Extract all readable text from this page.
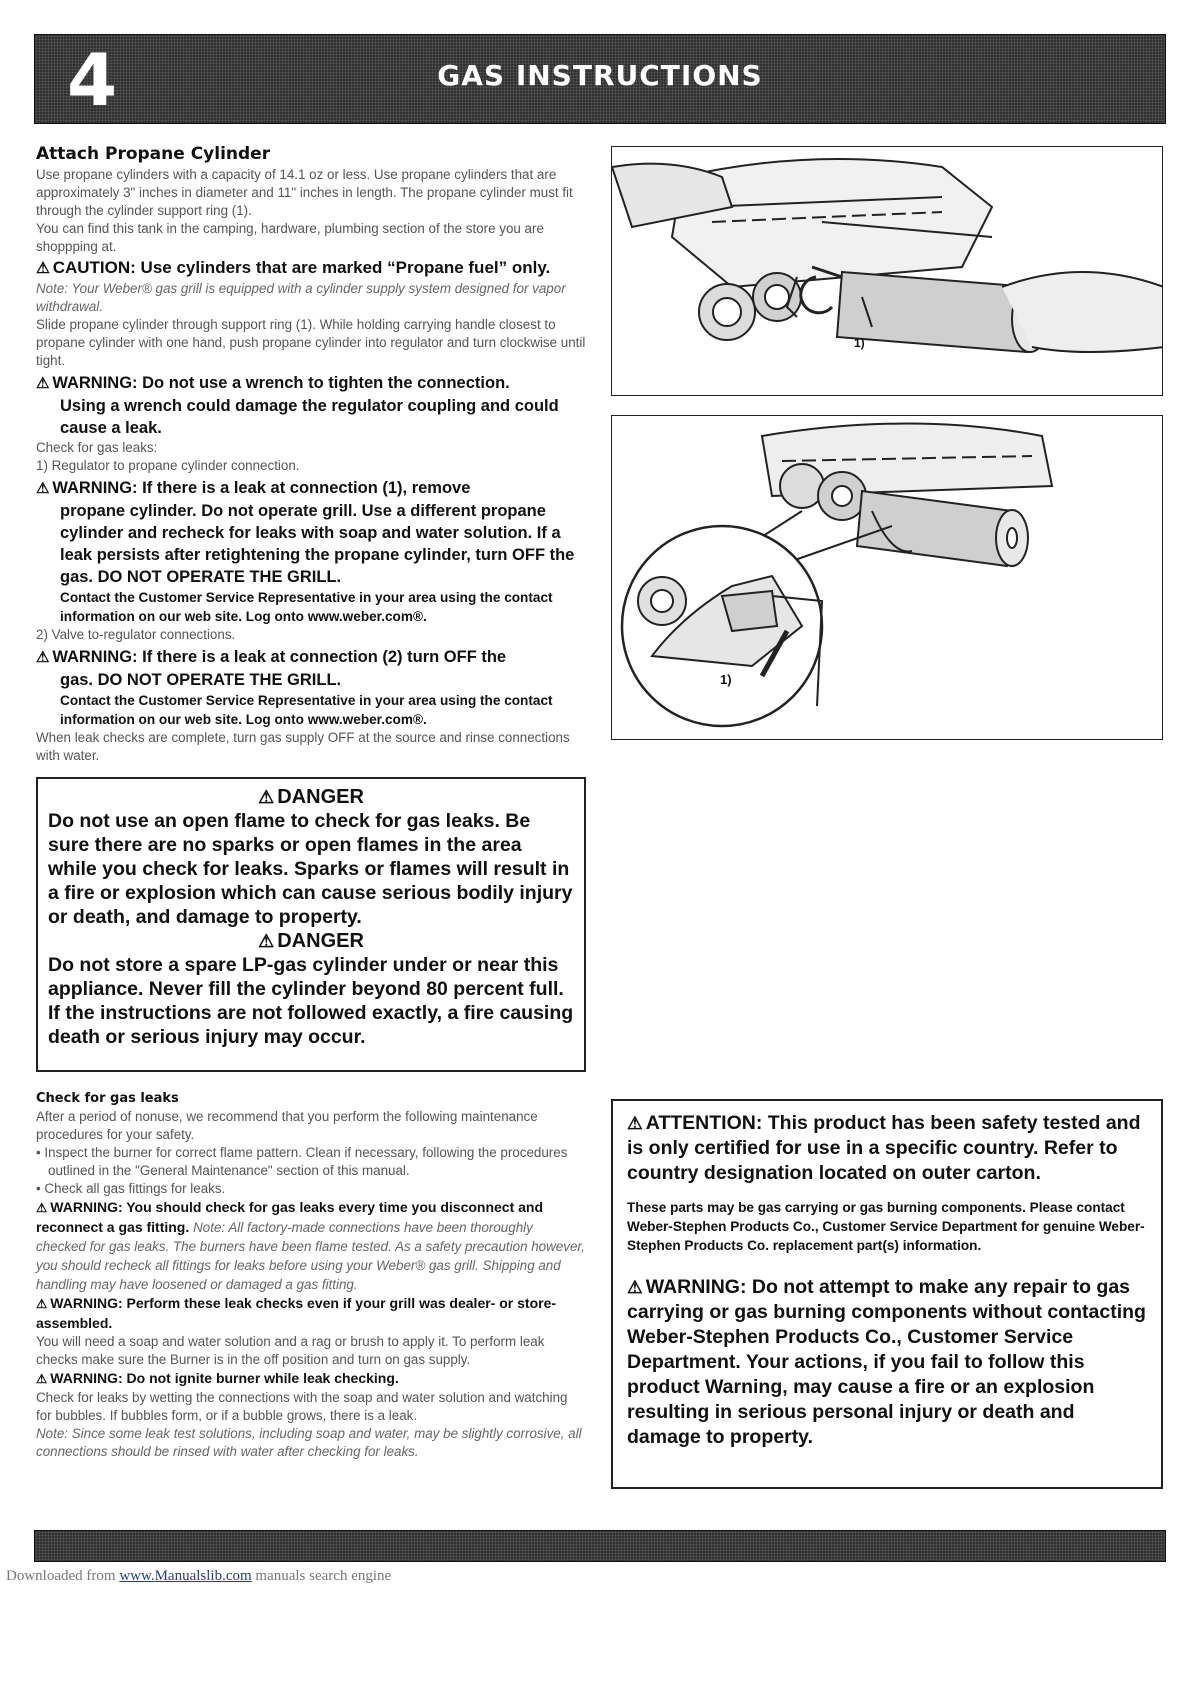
4	GAS INSTRUCTIONS
Attach Propane Cylinder
Use propane cylinders with a capacity of 14.1 oz or less. Use propane cylinders that are approximately 3" inches in diameter and 11" inches in length. The propane cylinder must fit through the cylinder support ring (1).
You can find this tank in the camping, hardware, plumbing section of the store you are shoppping at.
⚠ CAUTION: Use cylinders that are marked “Propane fuel” only.
Note: Your Weber® gas grill is equipped with a cylinder supply system designed for vapor withdrawal.
Slide propane cylinder through support ring (1). While holding carrying handle closest to propane cylinder with one hand, push propane cylinder into regulator and turn clockwise until tight.
⚠ WARNING: Do not use a wrench to tighten the connection.
Using a wrench could damage the regulator coupling and could cause a leak.
Check for gas leaks:
1) Regulator to propane cylinder connection.
⚠ WARNING: If there is a leak at connection (1), remove
propane cylinder. Do not operate grill. Use a different propane cylinder and recheck for leaks with soap and water solution. If a leak persists after retightening the propane cylinder, turn OFF the gas. DO NOT OPERATE THE GRILL.
Contact the Customer Service Representative in your area using the contact information on our web site. Log onto www.weber.com®.
2) Valve to-regulator connections.
⚠ WARNING: If there is a leak at connection (2) turn OFF the
gas. DO NOT OPERATE THE GRILL.
Contact the Customer Service Representative in your area using the contact information on our web site. Log onto www.weber.com®.
When leak checks are complete, turn gas supply OFF at the source and rinse connections with water.
1)
1)
⚠ DANGER
Do not use an open flame to check for gas leaks. Be sure there are no sparks or open flames in the area while you check for leaks. Sparks or flames will result in a fire or explosion which can cause serious bodily injury or death, and damage to property.
⚠ DANGER
Do not store a spare LP-gas cylinder under or near this appliance. Never fill the cylinder beyond 80 percent full. If the instructions are not followed exactly, a fire causing death or serious injury may occur.
Check for gas leaks
After a period of nonuse, we recommend that you perform the following maintenance procedures for your safety.
• Inspect the burner for correct flame pattern. Clean if necessary, following the procedures outlined in the "General Maintenance" section of this manual.
• Check all gas fittings for leaks.
⚠ WARNING: You should check for gas leaks every time you disconnect and reconnect a gas fitting. Note: All factory-made connections have been thoroughly checked for gas leaks. The burners have been flame tested. As a safety precaution however, you should recheck all fittings for leaks before using your Weber® gas grill. Shipping and handling may have loosened or damaged a gas fitting.
⚠ WARNING: Perform these leak checks even if your grill was dealer- or store-assembled.
You will need a soap and water solution and a rag or brush to apply it. To perform leak checks make sure the Burner is in the off position and turn on gas supply.
⚠ WARNING: Do not ignite burner while leak checking.
Check for leaks by wetting the connections with the soap and water solution and watching for bubbles. If bubbles form, or if a bubble grows, there is a leak.
Note: Since some leak test solutions, including soap and water, may be slightly corrosive, all connections should be rinsed with water after checking for leaks.
⚠ ATTENTION: This product has been safety tested and is only certified for use in a specific country. Refer to country designation located on outer carton.
These parts may be gas carrying or gas burning components. Please contact Weber-Stephen Products Co., Customer Service Department for genuine Weber-Stephen Products Co. replacement part(s) information.
⚠ WARNING: Do not attempt to make any repair to gas carrying or gas burning components without contacting Weber-Stephen Products Co., Customer Service Department. Your actions, if you fail to follow this product Warning, may cause a fire or an explosion resulting in serious personal injury or death and damage to property.
Downloaded from www.Manualslib.com manuals search engine
